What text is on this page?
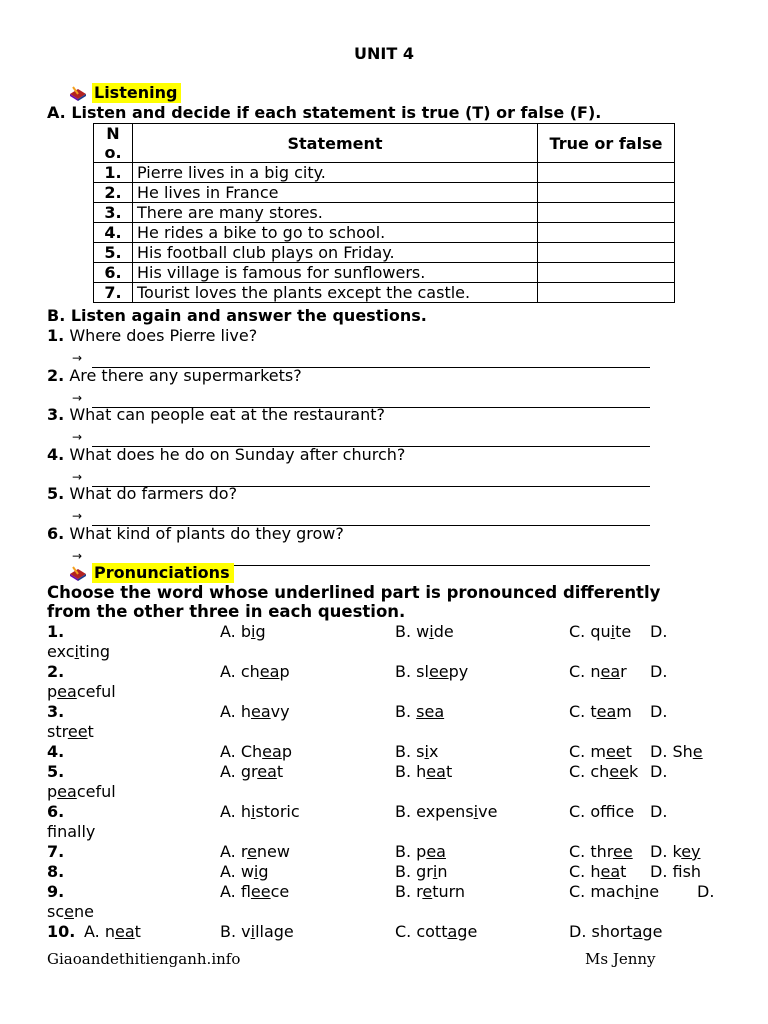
UNIT 4
Listening
A. Listen and decide if each statement is true (T) or false (F).
N
o.	Statement	True or false
1.	Pierre lives in a big city.	
2.	He lives in France	
3.	There are many stores.	
4.	He rides a bike to go to school.	
5.	His football club plays on Friday.	
6.	His village is famous for sunflowers.	
7.	Tourist loves the plants except the castle.	
B. Listen again and answer the questions.
1. Where does Pierre live?
→
2. Are there any supermarkets?
→
3. What can people eat at the restaurant?
→
4. What does he do on Sunday after church?
→
5. What do farmers do?
→
6. What kind of plants do they grow?
→
Pronunciations
Choose the word whose underlined part is pronounced differently
from the other three in each question.
1.	A. big	B. wide	C. quite D.
exciting
2.	A. cheap	B. sleepy	C. near D.
peaceful
3.	A. heavy	B. sea	C. team D.
street
4.	A. Cheap	B. six	C. meet D. She
5.	A. great	B. heat	C. cheek D.
peaceful
6.	A. historic	B. expensive	C. offce D.
fnally
7.	A. renew	B. pea	C. three D. key
8.	A. wig	B. grin	C. heat D. fsh
9.	A. fleece	B. return	C. machine D.
scene
10. A. neat	B. village	C. cottage	D. shortage
Giaoandethitienganh.info	Ms Jenny
